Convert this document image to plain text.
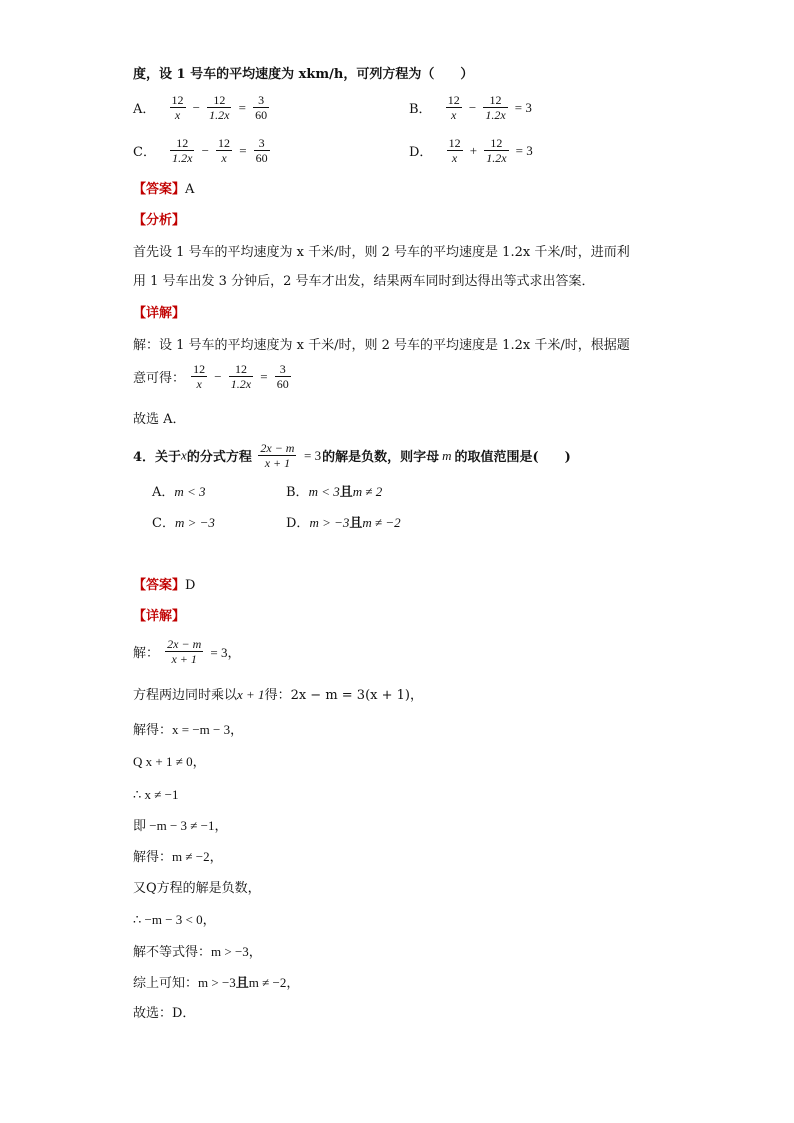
度，设 1 号车的平均速度为 xkm/h，可列方程为（　　）
A． $\frac{12}{x} - \frac{12}{1.2x} = \frac{3}{60}$	B． $\frac{12}{x} - \frac{12}{1.2x} = 3$
C． $\frac{12}{1.2x} - \frac{12}{x} = \frac{3}{60}$	D． $\frac{12}{x} + \frac{12}{1.2x} = 3$
【答案】A
【分析】
首先设 1 号车的平均速度为 x 千米/时，则 2 号车的平均速度是 1.2x 千米/时，进而利
用 1 号车出发 3 分钟后，2 号车才出发，结果两车同时到达得出等式求出答案．
【详解】
解：设 1 号车的平均速度为 x 千米/时，则 2 号车的平均速度是 1.2x 千米/时，根据题
意可得： $\frac{12}{x} - \frac{12}{1.2x} = \frac{3}{60}$
故选 A．
4．关于x的分式方程 $\frac{2x - m}{x + 1} = 3$的解是负数，则字母 m 的取值范围是(　　)
A．m < 3	B．m < 3且m ≠ 2
C．m > −3	D．m > −3且m ≠ −2
【答案】D
【详解】
解： $\frac{2x - m}{x + 1} = 3$，
方程两边同时乘以x + 1得：2x − m = 3(x + 1)，
解得：x = −m − 3，
Q x + 1 ≠ 0，
∴ x ≠ −1
即 −m − 3 ≠ −1，
解得：m ≠ −2，
又Q方程的解是负数，
∴ −m − 3 < 0，
解不等式得：m > −3，
综上可知：m > −3且m ≠ −2，
故选：D．
